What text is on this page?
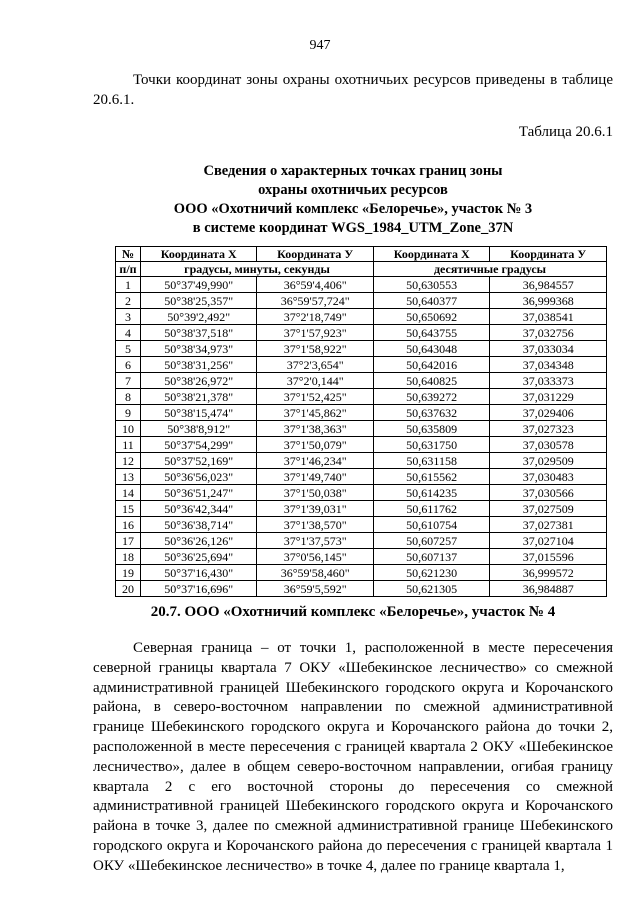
947
Точки координат зоны охраны охотничьих ресурсов приведены в таблице 20.6.1.
Таблица 20.6.1
Сведения о характерных точках границ зоны
охраны охотничьих ресурсов
ООО «Охотничий комплекс «Белоречье», участок № 3
в системе координат WGS_1984_UTM_Zone_37N
№	Координата X	Координата У	Координата X	Координата У
п/п	градусы, минуты, секунды		десятичные градусы	
1	50°37'49,990"	36°59'4,406"	50,630553	36,984557
2	50°38'25,357"	36°59'57,724"	50,640377	36,999368
3	50°39'2,492"	37°2'18,749"	50,650692	37,038541
4	50°38'37,518"	37°1'57,923"	50,643755	37,032756
5	50°38'34,973"	37°1'58,922"	50,643048	37,033034
6	50°38'31,256"	37°2'3,654"	50,642016	37,034348
7	50°38'26,972"	37°2'0,144"	50,640825	37,033373
8	50°38'21,378"	37°1'52,425"	50,639272	37,031229
9	50°38'15,474"	37°1'45,862"	50,637632	37,029406
10	50°38'8,912"	37°1'38,363"	50,635809	37,027323
11	50°37'54,299"	37°1'50,079"	50,631750	37,030578
12	50°37'52,169"	37°1'46,234"	50,631158	37,029509
13	50°36'56,023"	37°1'49,740"	50,615562	37,030483
14	50°36'51,247"	37°1'50,038"	50,614235	37,030566
15	50°36'42,344"	37°1'39,031"	50,611762	37,027509
16	50°36'38,714"	37°1'38,570"	50,610754	37,027381
17	50°36'26,126"	37°1'37,573"	50,607257	37,027104
18	50°36'25,694"	37°0'56,145"	50,607137	37,015596
19	50°37'16,430"	36°59'58,460"	50,621230	36,999572
20	50°37'16,696"	36°59'5,592"	50,621305	36,984887
20.7. ООО «Охотничий комплекс «Белоречье», участок № 4
Северная граница – от точки 1, расположенной в месте пересечения северной границы квартала 7 ОКУ «Шебекинское лесничество» со смежной административной границей Шебекинского городского округа и Корочанского района, в северо-восточном направлении по смежной административной границе Шебекинского городского округа и Корочанского района до точки 2, расположенной в месте пересечения с границей квартала 2 ОКУ «Шебекинское лесничество», далее в общем северо-восточном направлении, огибая границу квартала 2 с его восточной стороны до пересечения со смежной административной границей Шебекинского городского округа и Корочанского района в точке 3, далее по смежной административной границе Шебекинского городского округа и Корочанского района до пересечения с границей квартала 1 ОКУ «Шебекинское лесничество» в точке 4, далее по границе квартала 1,
